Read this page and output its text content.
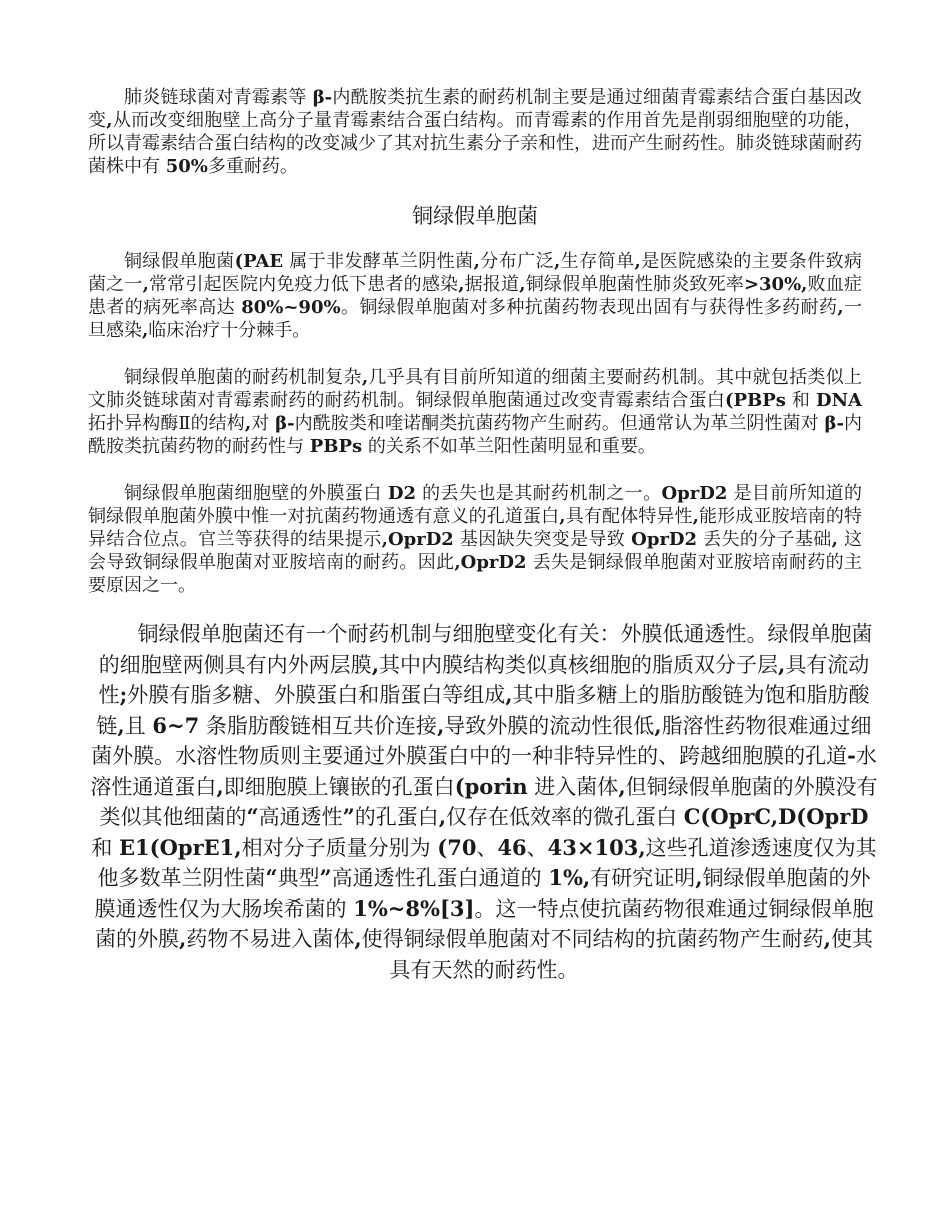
肺炎链球菌对青霉素等 β-内酰胺类抗生素的耐药机制主要是通过细菌青霉素结合蛋白基因改变,从而改变细胞壁上高分子量青霉素结合蛋白结构。而青霉素的作用首先是削弱细胞壁的功能，所以青霉素结合蛋白结构的改变减少了其对抗生素分子亲和性，进而产生耐药性。肺炎链球菌耐药菌株中有 50%多重耐药。

铜绿假单胞菌

铜绿假单胞菌(PAE 属于非发酵革兰阴性菌,分布广泛,生存简单,是医院感染的主要条件致病菌之一,常常引起医院内免疫力低下患者的感染,据报道,铜绿假单胞菌性肺炎致死率>30%,败血症患者的病死率高达 80%~90%。铜绿假单胞菌对多种抗菌药物表现出固有与获得性多药耐药,一旦感染,临床治疗十分棘手。

铜绿假单胞菌的耐药机制复杂,几乎具有目前所知道的细菌主要耐药机制。其中就包括类似上文肺炎链球菌对青霉素耐药的耐药机制。铜绿假单胞菌通过改变青霉素结合蛋白(PBPs 和 DNA 拓扑异构酶Ⅱ的结构,对 β-内酰胺类和喹诺酮类抗菌药物产生耐药。但通常认为革兰阴性菌对 β-内酰胺类抗菌药物的耐药性与 PBPs 的关系不如革兰阳性菌明显和重要。

铜绿假单胞菌细胞壁的外膜蛋白 D2 的丢失也是其耐药机制之一。OprD2 是目前所知道的铜绿假单胞菌外膜中惟一对抗菌药物通透有意义的孔道蛋白,具有配体特异性,能形成亚胺培南的特异结合位点。官兰等获得的结果提示,OprD2 基因缺失突变是导致 OprD2 丢失的分子基础, 这会导致铜绿假单胞菌对亚胺培南的耐药。因此,OprD2 丢失是铜绿假单胞菌对亚胺培南耐药的主要原因之一。

铜绿假单胞菌还有一个耐药机制与细胞壁变化有关：外膜低通透性。绿假单胞菌的细胞壁两侧具有内外两层膜,其中内膜结构类似真核细胞的脂质双分子层,具有流动性;外膜有脂多糖、外膜蛋白和脂蛋白等组成,其中脂多糖上的脂肪酸链为饱和脂肪酸链,且 6~7 条脂肪酸链相互共价连接,导致外膜的流动性很低,脂溶性药物很难通过细菌外膜。水溶性物质则主要通过外膜蛋白中的一种非特异性的、跨越细胞膜的孔道-水溶性通道蛋白,即细胞膜上镶嵌的孔蛋白(porin 进入菌体,但铜绿假单胞菌的外膜没有类似其他细菌的“高通透性”的孔蛋白,仅存在低效率的微孔蛋白 C(OprC,D(OprD 和 E1(OprE1,相对分子质量分别为 (70、46、43×103,这些孔道渗透速度仅为其他多数革兰阴性菌“典型”高通透性孔蛋白通道的 1%,有研究证明,铜绿假单胞菌的外膜通透性仅为大肠埃希菌的 1%~8%[3]。这一特点使抗菌药物很难通过铜绿假单胞菌的外膜,药物不易进入菌体,使得铜绿假单胞菌对不同结构的抗菌药物产生耐药,使其具有天然的耐药性。
